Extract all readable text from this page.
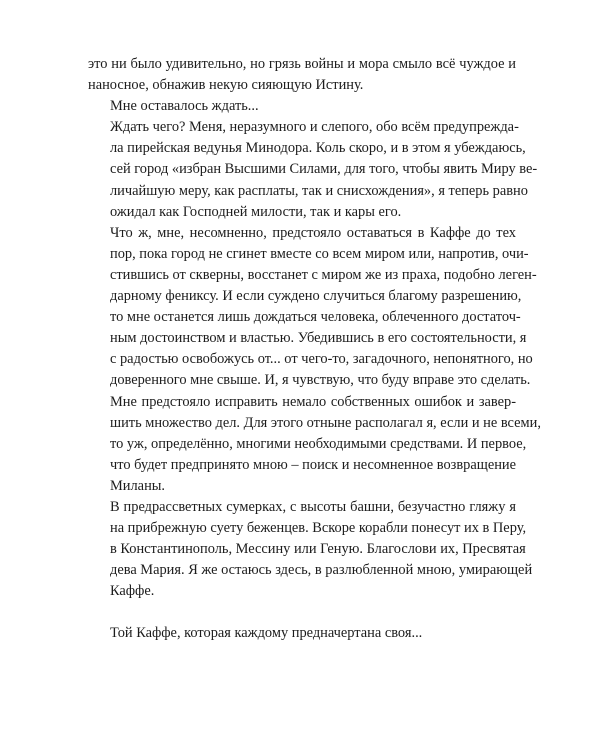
это ни было удивительно, но грязь войны и мора смыло всё чуждое и
наносное, обнажив некую сияющую Истину.

Мне оставалось ждать...

Ждать чего? Меня, неразумного и слепого, обо всём предупрежда-
ла пирейская ведунья Минодора. Коль скоро, и в этом я убеждаюсь,
сей город «избран Высшими Силами, для того, чтобы явить Миру ве-
личайшую меру, как расплаты, так и снисхождения», я теперь равно
ожидал как Господней милости, так и кары его.

Что ж, мне, несомненно, предстояло оставаться в Каффе до тех
пор, пока город не сгинет вместе со всем миром или, напротив, очи-
стившись от скверны, восстанет с миром же из праха, подобно леген-
дарному фениксу. И если суждено случиться благому разрешению,
то мне останется лишь дождаться человека, облеченного достаточ-
ным достоинством и властью. Убедившись в его состоятельности, я
с радостью освобожусь от... от чего-то, загадочного, непонятного, но
доверенного мне свыше. И, я чувствую, что буду вправе это сделать.

Мне предстояло исправить немало собственных ошибок и завер-
шить множество дел. Для этого отныне располагал я, если и не всеми,
то уж, определённо, многими необходимыми средствами. И первое,
что будет предпринято мною – поиск и несомненное возвращение
Миланы.

В предрассветных сумерках, с высоты башни, безучастно гляжу я
на прибрежную суету беженцев. Вскоре корабли понесут их в Перу,
в Константинополь, Мессину или Геную. Благослови их, Пресвятая
дева Мария. Я же остаюсь здесь, в разлюбленной мною, умирающей
Каффе.

Той Каффе, которая каждому предначертана своя...
